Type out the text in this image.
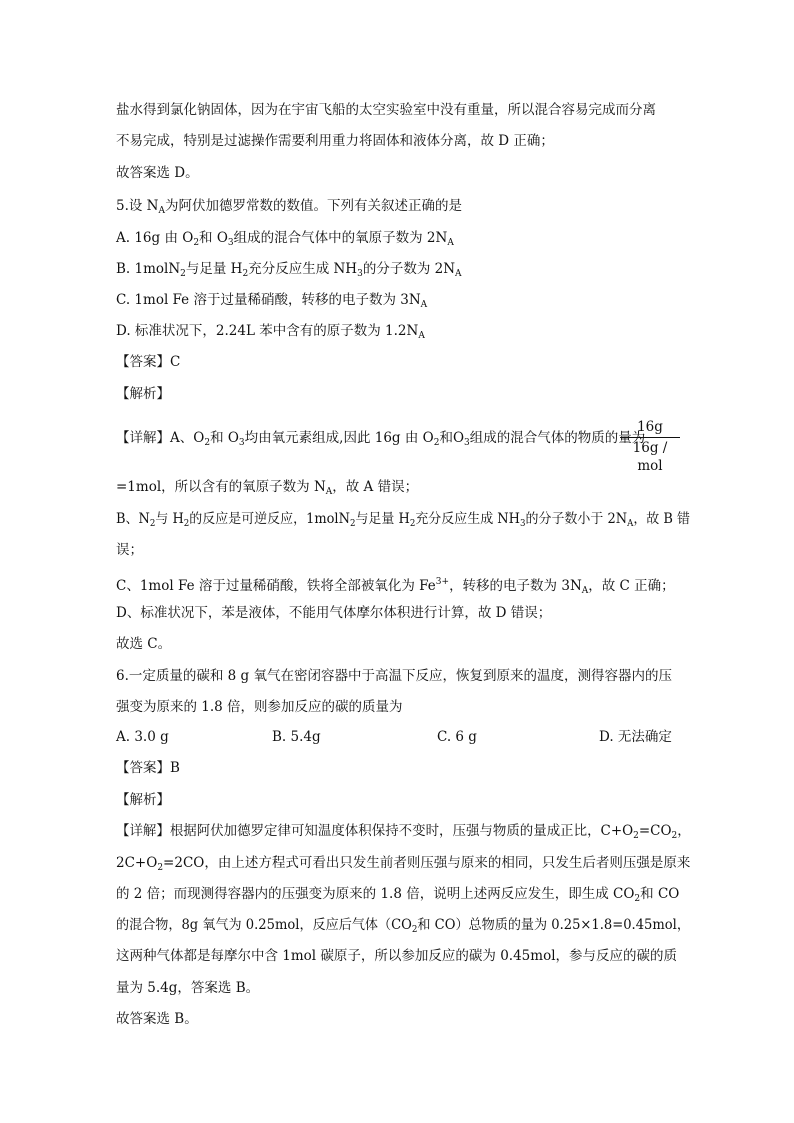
盐水得到氯化钠固体，因为在宇宙飞船的太空实验室中没有重量，所以混合容易完成而分离
不易完成，特别是过滤操作需要利用重力将固体和液体分离，故 D 正确；
故答案选 D。
5.设 $N_A$为阿伏加德罗常数的数值。下列有关叙述正确的是
A. 16g 由 $O_2$和 $O_3$组成的混合气体中的氧原子数为 $2N_A$
B. 1molN$_2$与足量 $H_2$充分反应生成 $NH_3$的分子数为 $2N_A$
C. 1mol Fe 溶于过量稀硝酸，转移的电子数为 $3N_A$
D. 标准状况下，2.24L 苯中含有的原子数为 $1.2N_A$
【答案】C
【解析】
【详解】A、$O_2$和 $O_3$均由氧元素组成,因此 16g 由 $O_2$和$O_3$组成的混合气体的物质的量为
16g
16g / mol
=1mol，所以含有的氧原子数为 $N_A$，故 A 错误；
B、$N_2$与 $H_2$的反应是可逆反应，1molN$_2$与足量 $H_2$充分反应生成 $NH_3$的分子数小于 $2N_A$，故 B 错
误；
C、1mol Fe 溶于过量稀硝酸，铁将全部被氧化为 $Fe^{3+}$，转移的电子数为 $3N_A$，故 C 正确；
D、标准状况下，苯是液体，不能用气体摩尔体积进行计算，故 D 错误；
故选 C。
6.一定质量的碳和 8 g 氧气在密闭容器中于高温下反应，恢复到原来的温度，测得容器内的压
强变为原来的 1.8 倍，则参加反应的碳的质量为
A. 3.0 g	B. 5.4g	C. 6 g	D. 无法确定
【答案】B
【解析】
【详解】根据阿伏加德罗定律可知温度体积保持不变时，压强与物质的量成正比，$C+O_2=CO_2$，
$2C+O_2=2CO$，由上述方程式可看出只发生前者则压强与原来的相同，只发生后者则压强是原来
的 2 倍；而现测得容器内的压强变为原来的 1.8 倍，说明上述两反应发生，即生成 $CO_2$和 CO
的混合物，8g 氧气为 0.25mol，反应后气体（$CO_2$和 CO）总物质的量为 0.25×1.8=0.45mol，
这两种气体都是每摩尔中含 1mol 碳原子，所以参加反应的碳为 0.45mol，参与反应的碳的质
量为 5.4g，答案选 B。
故答案选 B。
